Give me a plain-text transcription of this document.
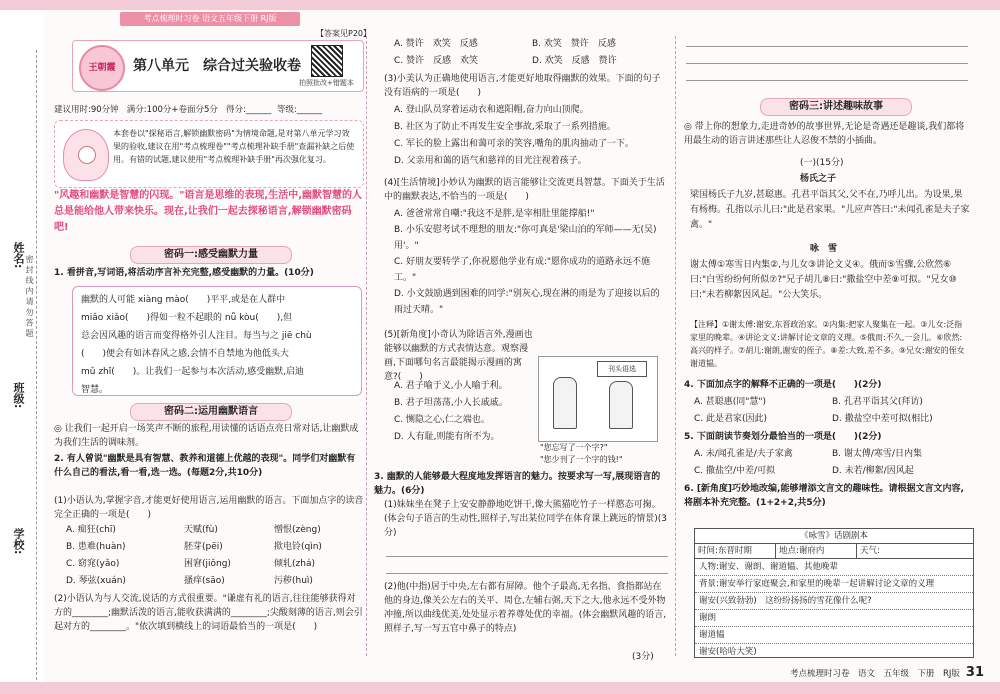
考点梳理时习卷 语文五年级下册 RJ版
姓名:
班级:
学校:
密 封 线 内 请 勿 答 题
【答案见P20】
王朝霞	第八单元　综合过关验收卷
拍照批改+错题本
建议用时:90分钟 满分:100分+卷面分5分 得分:______  等级:______
本套卷以"探秘语言,解锁幽默密码"为情境命题,是对第八单元学习效果的验收,建议在用"考点梳理卷""考点梳理补缺手册"查漏补缺之后使用。有错的试题,建议使用"考点梳理补缺手册"再次强化复习。
"风趣和幽默是智慧的闪现。"语言是思维的表现,生活中,幽默智慧的人总是能给他人带来快乐。现在,让我们一起去探秘语言,解锁幽默密码吧!
密码一:感受幽默力量
1. 看拼音,写词语,将活动序言补充完整,感受幽默的力量。(10分)
幽默的人可能 xiàng mào(　　)平平,或是在人群中
miǎo xiǎo(　　)得如一粒不起眼的 nǚ kòu(　　),但
总会因风趣的语言而变得格外引人注目。每当与之 jiē chù
(　　)便会有如沐春风之感,会情不自禁地为他低头大
mǔ zhǐ(　　)。让我们一起参与本次活动,感受幽默,启迪
智慧。
密码二:运用幽默语言
◎ 让我们一起开启一场笑声不断的旅程,用读懂的话语点亮日常对话,让幽默成为我们生活的调味剂。
2. 有人曾说"幽默是具有智慧、教养和道德上优越的表现"。同学们对幽默有什么自己的看法,看一看,选一选。(每题2分,共10分)
(1)小语认为,掌握字音,才能更好使用语言,运用幽默的语言。下面加点字的读音完全正确的一项是(　　)
A. 痴狂(chī)	天赋(fù)	憎恨(zèng)
B. 患难(huàn)	胚芽(pēi)	揿电铃(qìn)
C. 窈窕(yǎo)	困窘(jiǒng)	倾轧(zhá)
D. 琴弦(xuán)	搔痒(sāo)	污秽(huì)
(2)小语认为与人交流,说话的方式很重要。"谦虚有礼的语言,往往能够获得对方的________;幽默活泼的语言,能收获满满的________;尖酸刻薄的语言,则会引起对方的________。"依次填到横线上的词语最恰当的一项是(　　)
A. 赞许　欢笑　反感	B. 欢笑　赞许　反感
C. 赞许　反感　欢笑	D. 欢笑　反感　赞许
(3)小美认为正确地使用语言,才能更好地取得幽默的效果。下面的句子没有语病的一项是(　　)
A. 登山队员穿着运动衣和遮阳帽,奋力向山顶爬。
B. 社区为了防止不再发生安全事故,采取了一系列措施。
C. 军长的脸上露出和蔼可亲的笑容,嘴角的肌肉抽动了一下。
D. 父亲用和蔼的语气和慈祥的目光注视着孩子。
(4)[生活情境]小妙认为幽默的语言能够让交流更具智慧。下面关于生活中的幽默表达,不恰当的一项是(　　)
A. 爸爸常常自嘲:"我这不是胖,是宰相肚里能撑船!"
B. 小乐安慰考试不理想的朋友:"你可真是'梁山泊的军师——无(吴)用'。"
C. 好朋友要转学了,你祝愿他学业有成:"愿你成功的道路永远不施工。"
D. 小文鼓励遇到困难的同学:"别灰心,现在淋的雨是为了迎接以后的雨过天晴。"
(5)[新角度]小奇认为除语言外,漫画也能够以幽默的方式表情达意。观察漫画,下面哪句名言最能揭示漫画的寓意?(　　)
A. 君子喻于义,小人喻于利。
B. 君子坦荡荡,小人长戚戚。
C. 恻隐之心,仁之端也。
D. 人有耻,则能有所不为。
刊头语选
"您忘写了一个字?"
"您少刊了一个字的钱!"
3. 幽默的人能够最大程度地发挥语言的魅力。按要求写一写,展现语言的魅力。(6分)
(1)妹妹坐在凳子上安安静静地吃饼干,像大熊猫吃竹子一样憨态可掬。(体会句子语言的生动性,照样子,写出某位同学在体育课上跳远的情景)(3分)
(2)他(中指)居于中央,左右都有屏障。他个子最高,无名指、食指都站在他的身边,像关公左右的关平、周仓,左辅右弼,天下之大,他永远不受外物冲撞,所以曲线优美,处处显示着养尊处优的幸福。(体会幽默风趣的语言,照样子,写一写五官中鼻子的特点)
(3分)
密码三:讲述趣味故事
◎ 带上你的想象力,走进奇妙的故事世界,无论是奇遇还是趣谈,我们都将用最生动的语言讲述那些让人忍俊不禁的小插曲。
(一)(15分)
杨氏之子
梁国杨氏子九岁,甚聪惠。孔君平诣其父,父不在,乃呼儿出。为设果,果有杨梅。孔指以示儿曰:"此是君家果。"儿应声答曰:"未闻孔雀是夫子家禽。"
咏　雪
谢太傅①寒雪日内集②,与儿女③讲论文义④。俄而⑤雪骤,公欣然⑥曰:"白雪纷纷何所似⑦?"兄子胡儿⑧曰:"撒盐空中差⑨可拟。"兄女⑩曰:"未若柳絮因风起。"公大笑乐。
【注释】①谢太傅:谢安,东晋政治家。②内集:把家人聚集在一起。③儿女:泛指家里的晚辈。④讲论文义:讲解讨论文章的义理。⑤俄而:不久,一会儿。⑥欣然:高兴的样子。⑦胡儿:谢朗,谢安的侄子。⑧差:大致,差不多。⑨兄女:谢安的侄女谢道韫。
4. 下面加点字的解释不正确的一项是(　　)(2分)
A. 甚聪惠(同"慧")	B. 孔君平诣其父(拜访)
C. 此是君家(因此)	D. 撒盐空中差可拟(相比)
5. 下面朗读节奏划分最恰当的一项是(　　)(2分)
A. 未/闻孔雀是/夫子家禽	B. 谢太傅/寒雪/日内集
C. 撒盐空/中差/可拟	D. 未若/柳絮/因风起
6. [新角度]巧妙地改编,能够增添文言文的趣味性。请根据文言文内容,将剧本补充完整。(1+2+2,共5分)
《咏雪》话剧剧本
时间:东晋时期	地点:谢府内	天气:
人物:谢安、谢朗、谢道韫、其他晚辈
背景:谢安举行家庭聚会,和家里的晚辈一起讲解讨论文章的义理
谢安(兴致勃勃)　这纷纷扬扬的雪花像什么呢?
谢朗
谢道韫
谢安(哈哈大笑)
考点梳理时习卷　语文　五年级　下册　RJ版 31
